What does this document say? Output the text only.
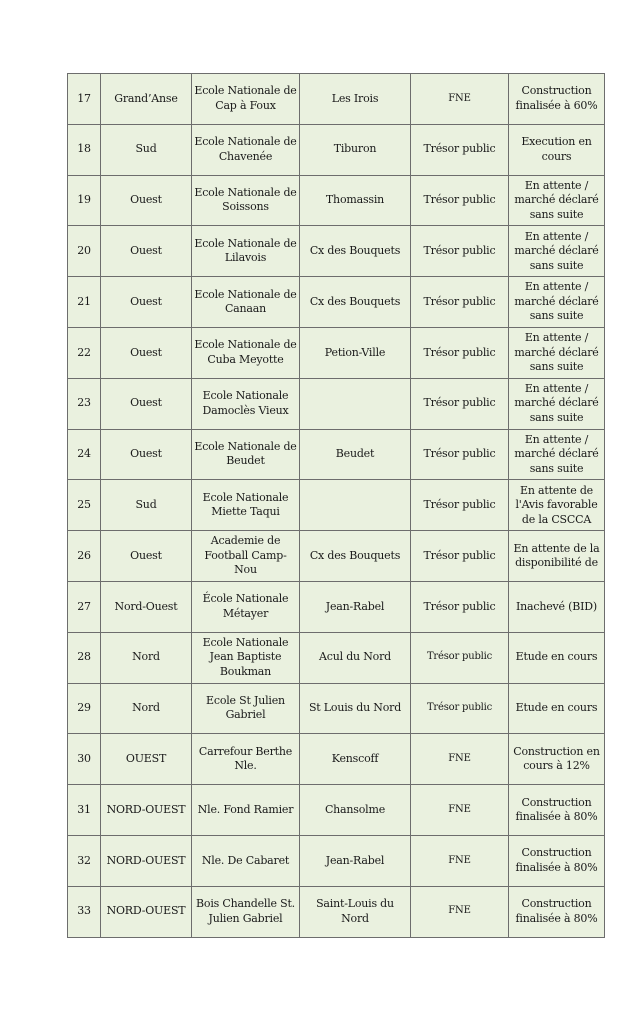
17	Grand’Anse	Ecole Nationale de Cap à Foux	Les Irois	FNE	Construction finalisée à 60%
18	Sud	Ecole Nationale de Chavenée	Tiburon	Trésor public	Execution en cours
19	Ouest	Ecole Nationale de Soissons	Thomassin	Trésor public	En attente / marché déclaré sans suite
20	Ouest	Ecole Nationale de Lilavois	Cx des Bouquets	Trésor public	En attente / marché déclaré sans suite
21	Ouest	Ecole Nationale de Canaan	Cx des Bouquets	Trésor public	En attente / marché déclaré sans suite
22	Ouest	Ecole Nationale de Cuba Meyotte	Petion-Ville	Trésor public	En attente / marché déclaré sans suite
23	Ouest	Ecole Nationale Damoclès Vieux		Trésor public	En attente / marché déclaré sans suite
24	Ouest	Ecole Nationale de Beudet	Beudet	Trésor public	En attente / marché déclaré sans suite
25	Sud	Ecole Nationale Miette Taqui		Trésor public	En attente de l'Avis favorable de la CSCCA
26	Ouest	Academie de Football Camp-Nou	Cx des Bouquets	Trésor public	En attente de la disponibilité de
27	Nord-Ouest	École Nationale Métayer	Jean-Rabel	Trésor public	Inachevé (BID)
28	Nord	Ecole Nationale Jean Baptiste Boukman	Acul du Nord	Trésor public	Etude en cours
29	Nord	Ecole St Julien Gabriel	St Louis du Nord	Trésor public	Etude en cours
30	OUEST	Carrefour Berthe Nle.	Kenscoff	FNE	Construction en cours à 12%
31	NORD-OUEST	Nle. Fond Ramier	Chansolme	FNE	Construction finalisée à 80%
32	NORD-OUEST	Nle. De Cabaret	Jean-Rabel	FNE	Construction finalisée à 80%
33	NORD-OUEST	Bois Chandelle St. Julien Gabriel	Saint-Louis du Nord	FNE	Construction finalisée à 80%
